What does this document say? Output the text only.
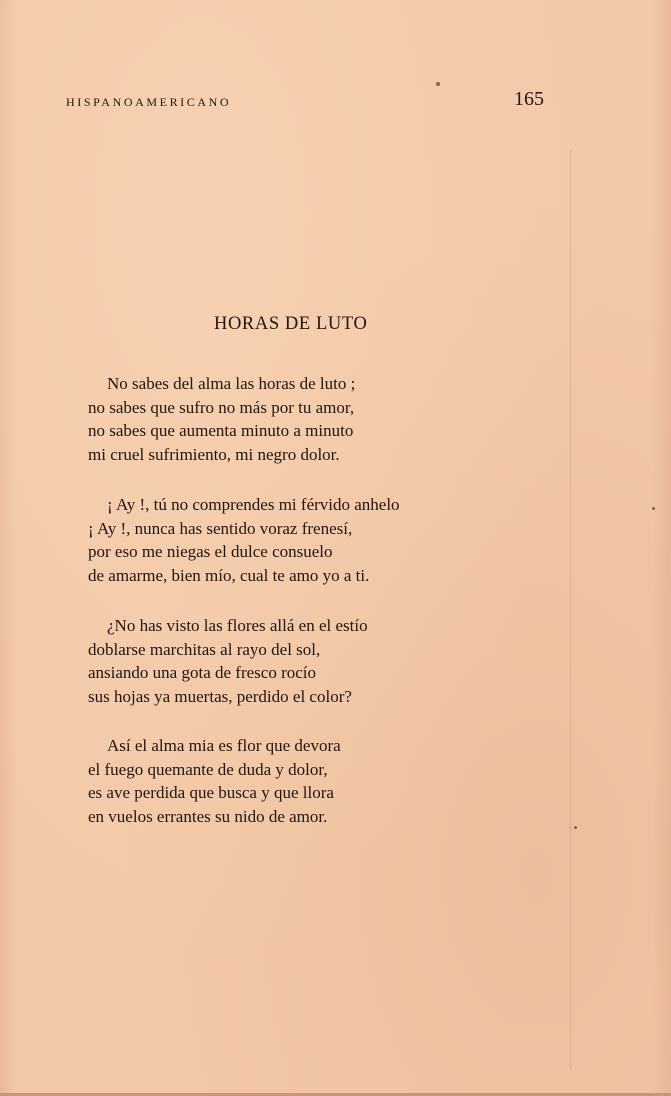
HISPANOAMERICANO	165
HORAS DE LUTO
No sabes del alma las horas de luto ;
no sabes que sufro no más por tu amor,
no sabes que aumenta minuto a minuto
mi cruel sufrimiento, mi negro dolor.
¡ Ay !, tú no comprendes mi férvido anhelo
¡ Ay !, nunca has sentido voraz frenesí,
por eso me niegas el dulce consuelo
de amarme, bien mío, cual te amo yo a ti.
¿No has visto las flores allá en el estío
doblarse marchitas al rayo del sol,
ansiando una gota de fresco rocío
sus hojas ya muertas, perdido el color?
Así el alma mia es flor que devora
el fuego quemante de duda y dolor,
es ave perdida que busca y que llora
en vuelos errantes su nido de amor.
